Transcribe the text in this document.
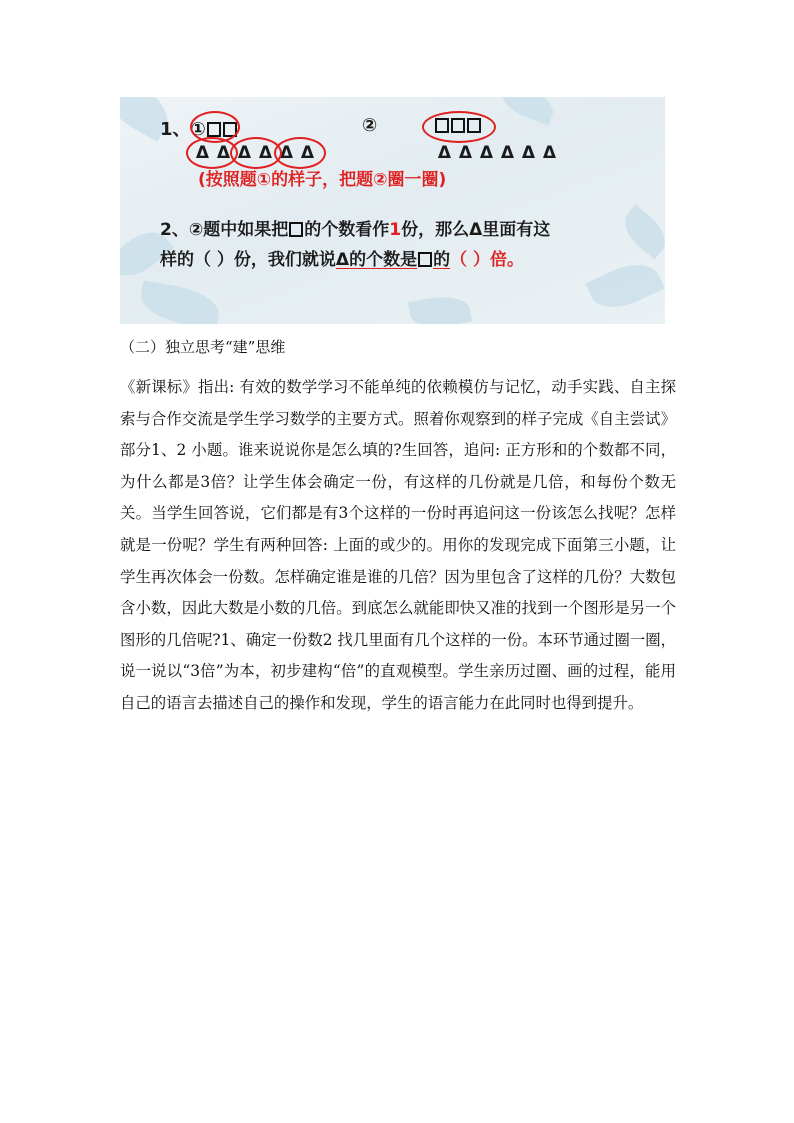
1、①	②
Δ Δ Δ Δ Δ Δ	Δ Δ Δ Δ Δ Δ
(按照题①的样子，把题②圈一圈)
2、②题中如果把 的个数看作1份，那么Δ里面有这
样的（ ）份，我们就说Δ的个数是 的（ ）倍。
（二）独立思考“建”思维
《新课标》指出: 有效的数学学习不能单纯的依赖模仿与记忆，动手实践、自主探索与合作交流是学生学习数学的主要方式。照着你观察到的样子完成《自主尝试》部分1、2 小题。谁来说说你是怎么填的?生回答，追问: 正方形和的个数都不同，为什么都是3倍？让学生体会确定一份，有这样的几份就是几倍，和每份个数无关。当学生回答说，它们都是有3个这样的一份时再追问这一份该怎么找呢？怎样就是一份呢？学生有两种回答: 上面的或少的。用你的发现完成下面第三小题，让学生再次体会一份数。怎样确定谁是谁的几倍？因为里包含了这样的几份？大数包含小数，因此大数是小数的几倍。到底怎么就能即快又准的找到一个图形是另一个图形的几倍呢?1、确定一份数2 找几里面有几个这样的一份。本环节通过圈一圈，说一说以“3倍”为本，初步建构“倍”的直观模型。学生亲历过圈、画的过程，能用自己的语言去描述自己的操作和发现，学生的语言能力在此同时也得到提升。
